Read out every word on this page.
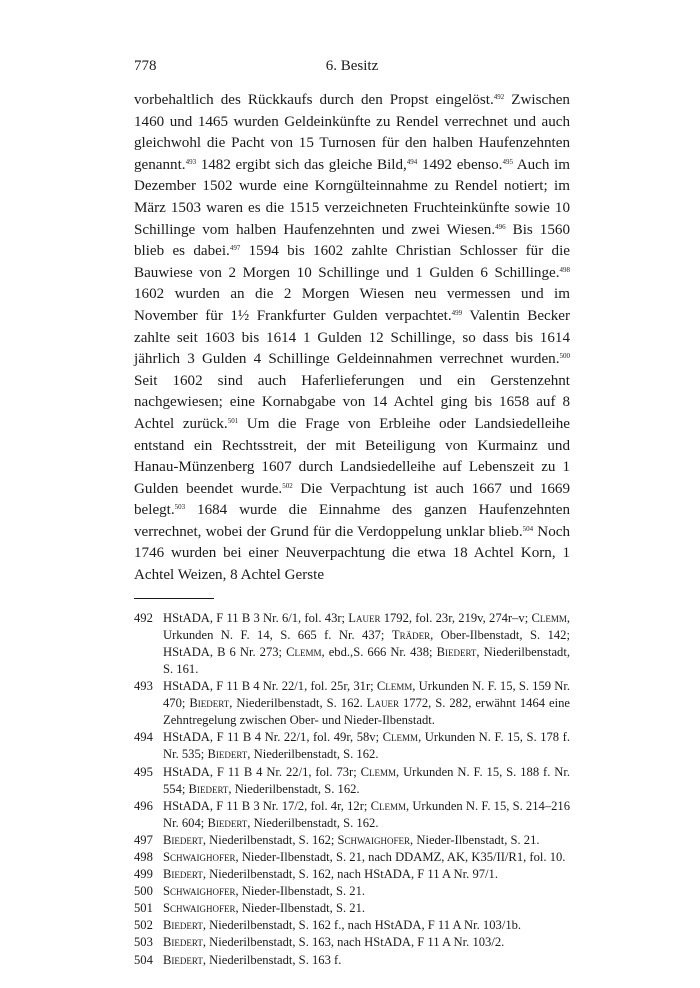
778	6. Besitz

vorbehaltlich des Rückkaufs durch den Propst eingelöst.$^{492}$ Zwischen 1460 und 1465 wurden Geldeinkünfte zu Rendel verrechnet und auch gleichwohl die Pacht von 15 Turnosen für den halben Haufenzehnten genannt.$^{493}$ 1482 ergibt sich das gleiche Bild,$^{494}$ 1492 ebenso.$^{495}$ Auch im Dezember 1502 wurde eine Korngülteinnahme zu Rendel notiert; im März 1503 waren es die 1515 verzeichneten Fruchteinkünfte sowie 10 Schillinge vom halben Haufenzehnten und zwei Wiesen.$^{496}$ Bis 1560 blieb es dabei.$^{497}$ 1594 bis 1602 zahlte Christian Schlosser für die Bauwiese von 2 Morgen 10 Schillinge und 1 Gulden 6 Schillinge.$^{498}$ 1602 wurden an die 2 Morgen Wiesen neu vermessen und im November für 1½ Frankfurter Gulden verpachtet.$^{499}$ Valentin Becker zahlte seit 1603 bis 1614 1 Gulden 12 Schillinge, so dass bis 1614 jährlich 3 Gulden 4 Schillinge Geldeinnahmen verrechnet wurden.$^{500}$ Seit 1602 sind auch Haferlieferungen und ein Gerstenzehnt nachgewiesen; eine Kornabgabe von 14 Achtel ging bis 1658 auf 8 Achtel zurück.$^{501}$ Um die Frage von Erbleihe oder Landsiedelleihe entstand ein Rechtsstreit, der mit Beteiligung von Kurmainz und Hanau-Münzenberg 1607 durch Landsiedelleihe auf Lebenszeit zu 1 Gulden beendet wurde.$^{502}$ Die Verpachtung ist auch 1667 und 1669 belegt.$^{503}$ 1684 wurde die Einnahme des ganzen Haufenzehnten verrechnet, wobei der Grund für die Verdoppelung unklar blieb.$^{504}$ Noch 1746 wurden bei einer Neuverpachtung die etwa 18 Achtel Korn, 1 Achtel Weizen, 8 Achtel Gerste

492 HStADA, F 11 B 3 Nr. 6/1, fol. 43r; Lauer 1792, fol. 23r, 219v, 274r–v; Clemm, Urkunden N. F. 14, S. 665 f. Nr. 437; Träder, Ober-Ilbenstadt, S. 142; HStADA, B 6 Nr. 273; Clemm, ebd.,S. 666 Nr. 438; Biedert, Niederilbenstadt, S. 161.
493 HStADA, F 11 B 4 Nr. 22/1, fol. 25r, 31r; Clemm, Urkunden N. F. 15, S. 159 Nr. 470; Biedert, Niederilbenstadt, S. 162. Lauer 1772, S. 282, erwähnt 1464 eine Zehntregelung zwischen Ober- und Nieder-Ilbenstadt.
494 HStADA, F 11 B 4 Nr. 22/1, fol. 49r, 58v; Clemm, Urkunden N. F. 15, S. 178 f. Nr. 535; Biedert, Niederilbenstadt, S. 162.
495 HStADA, F 11 B 4 Nr. 22/1, fol. 73r; Clemm, Urkunden N. F. 15, S. 188 f. Nr. 554; Biedert, Niederilbenstadt, S. 162.
496 HStADA, F 11 B 3 Nr. 17/2, fol. 4r, 12r; Clemm, Urkunden N. F. 15, S. 214–216 Nr. 604; Biedert, Niederilbenstadt, S. 162.
497 Biedert, Niederilbenstadt, S. 162; Schwaighofer, Nieder-Ilbenstadt, S. 21.
498 Schwaighofer, Nieder-Ilbenstadt, S. 21, nach DDAMZ, AK, K35/II/R1, fol. 10.
499 Biedert, Niederilbenstadt, S. 162, nach HStADA, F 11 A Nr. 97/1.
500 Schwaighofer, Nieder-Ilbenstadt, S. 21.
501 Schwaighofer, Nieder-Ilbenstadt, S. 21.
502 Biedert, Niederilbenstadt, S. 162 f., nach HStADA, F 11 A Nr. 103/1b.
503 Biedert, Niederilbenstadt, S. 163, nach HStADA, F 11 A Nr. 103/2.
504 Biedert, Niederilbenstadt, S. 163 f.
